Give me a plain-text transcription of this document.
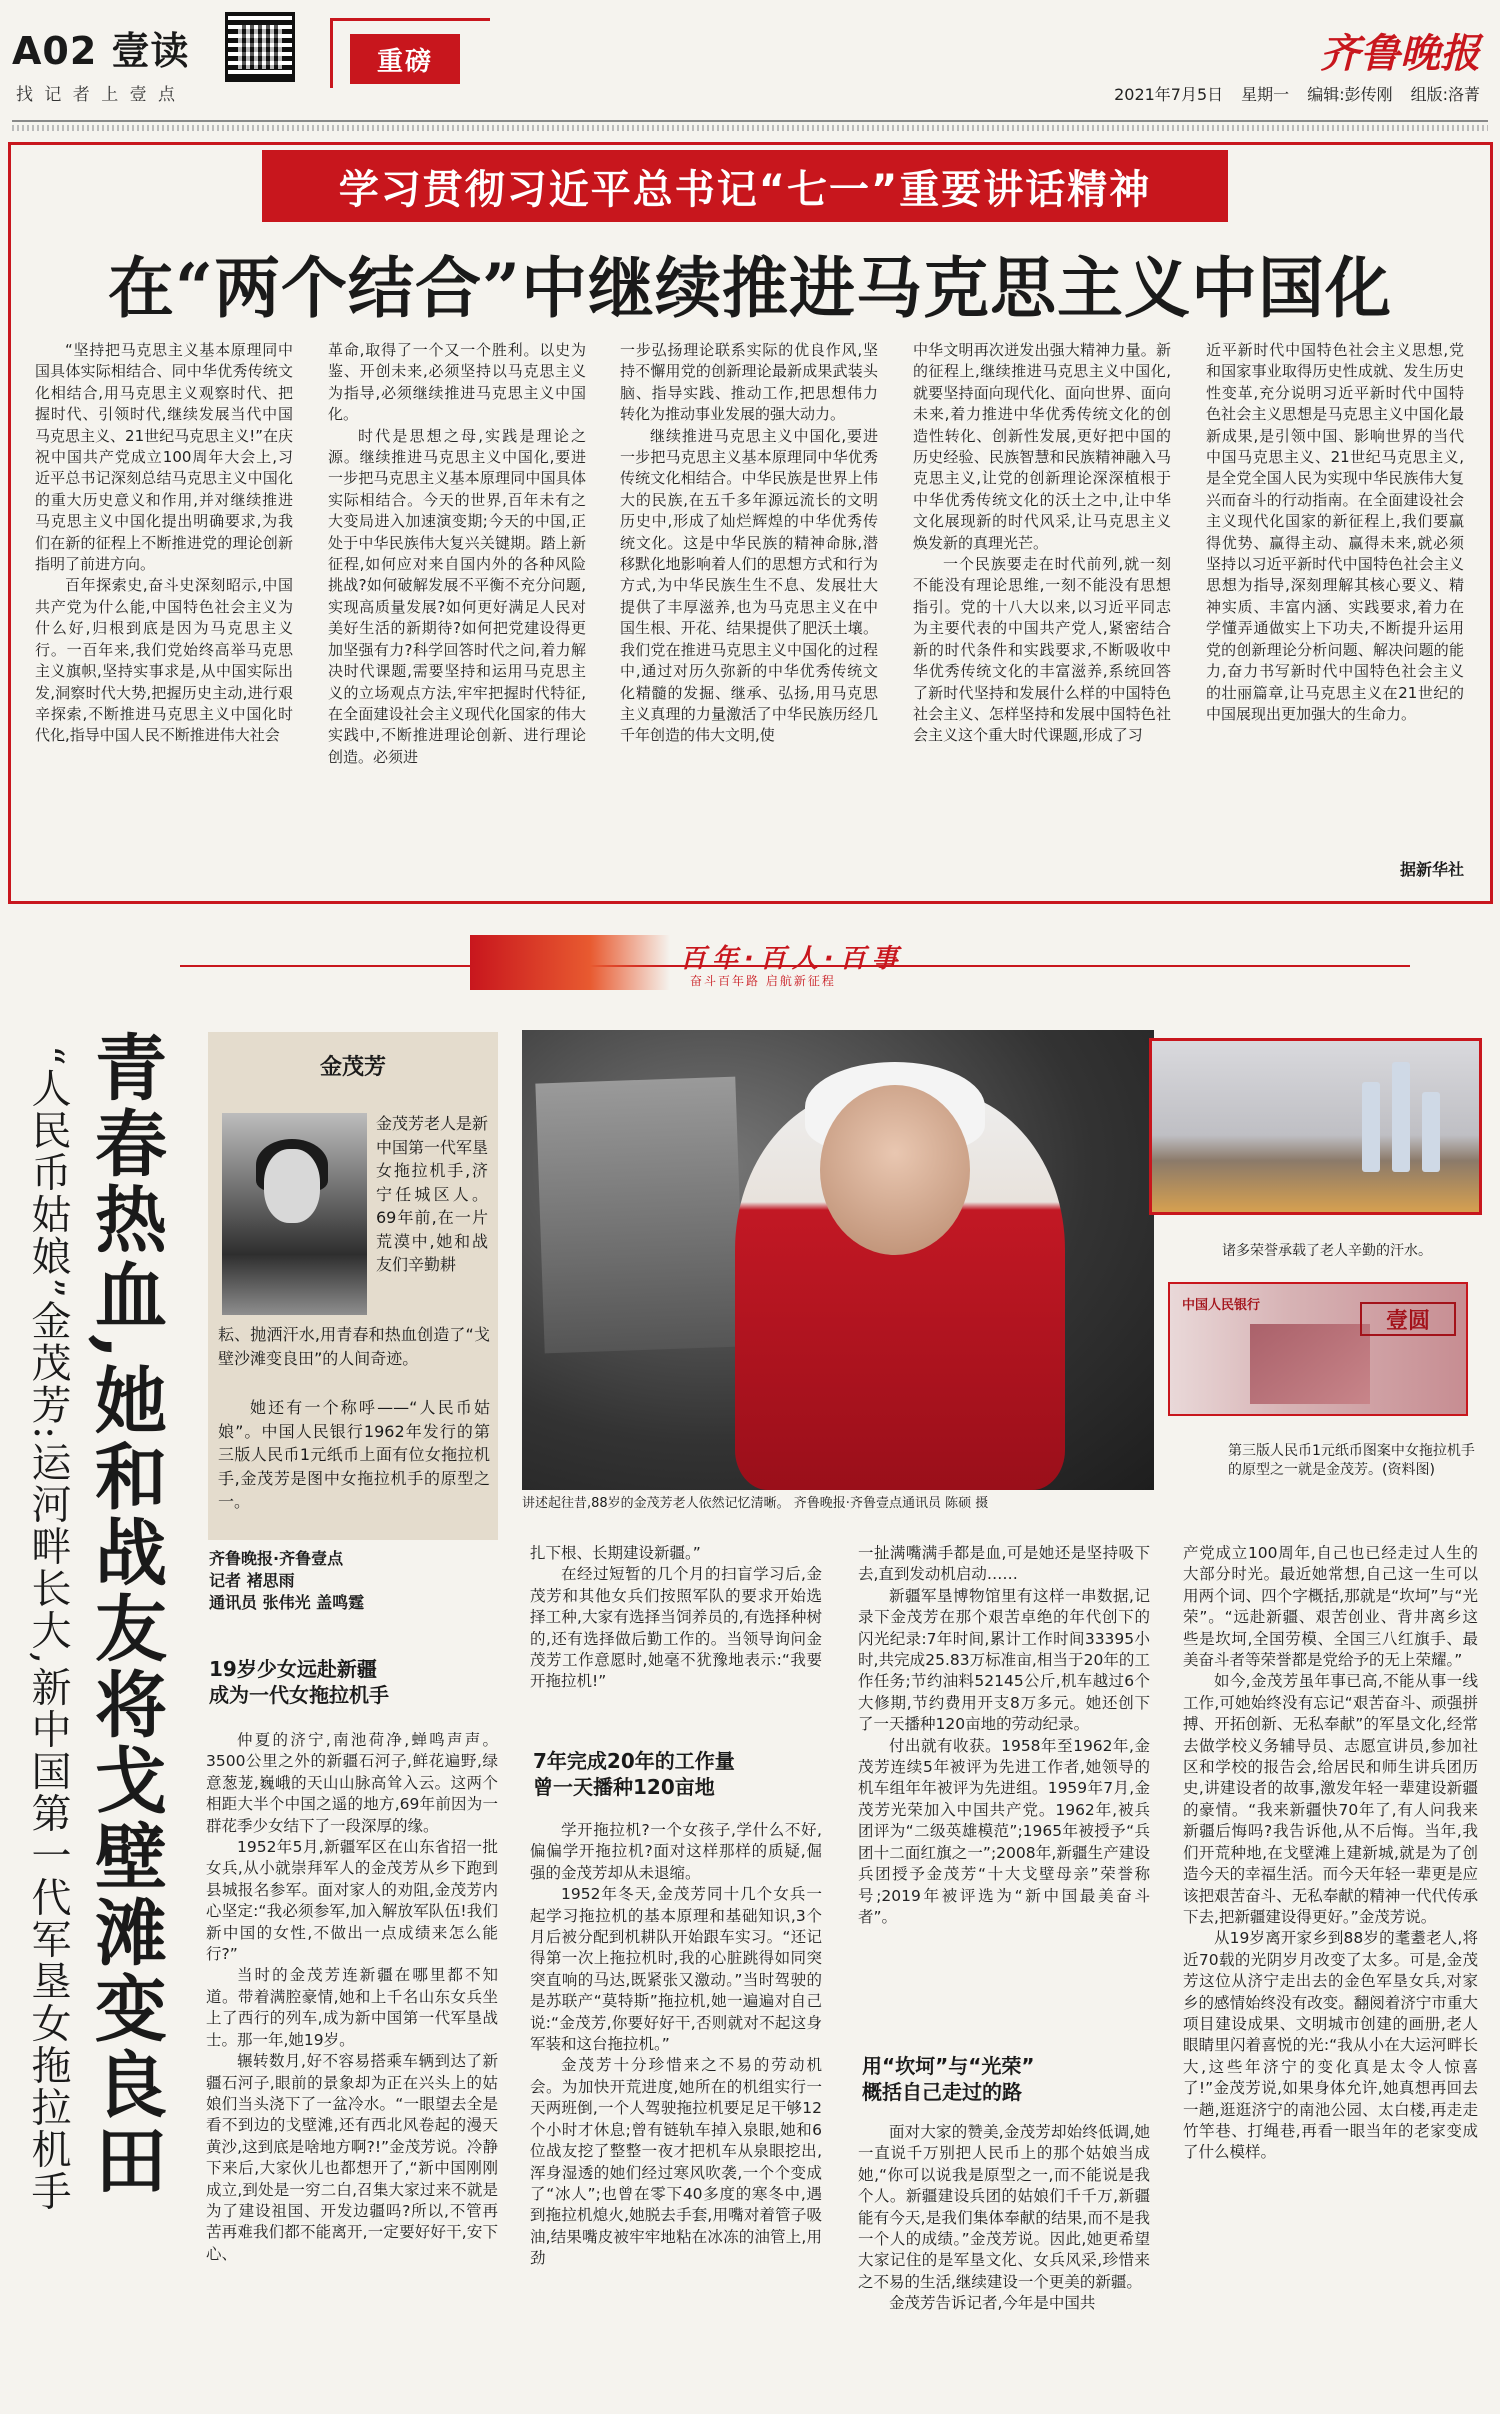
A02 壹读
找 记 者 上 壹 点
重磅	齐鲁晚报
2021年7月5日 星期一 编辑:彭传刚 组版:洛菁
学习贯彻习近平总书记“七一”重要讲话精神
在“两个结合”中继续推进马克思主义中国化

“坚持把马克思主义基本原理同中国具体实际相结合、同中华优秀传统文化相结合,用马克思主义观察时代、把握时代、引领时代,继续发展当代中国马克思主义、21世纪马克思主义!”在庆祝中国共产党成立100周年大会上,习近平总书记深刻总结马克思主义中国化的重大历史意义和作用,并对继续推进马克思主义中国化提出明确要求,为我们在新的征程上不断推进党的理论创新指明了前进方向。

百年探索史,奋斗史深刻昭示,中国共产党为什么能,中国特色社会主义为什么好,归根到底是因为马克思主义行。一百年来,我们党始终高举马克思主义旗帜,坚持实事求是,从中国实际出发,洞察时代大势,把握历史主动,进行艰辛探索,不断推进马克思主义中国化时代化,指导中国人民不断推进伟大社会

革命,取得了一个又一个胜利。以史为鉴、开创未来,必须坚持以马克思主义为指导,必须继续推进马克思主义中国化。

时代是思想之母,实践是理论之源。继续推进马克思主义中国化,要进一步把马克思主义基本原理同中国具体实际相结合。今天的世界,百年未有之大变局进入加速演变期;今天的中国,正处于中华民族伟大复兴关键期。踏上新征程,如何应对来自国内外的各种风险挑战?如何破解发展不平衡不充分问题,实现高质量发展?如何更好满足人民对美好生活的新期待?如何把党建设得更加坚强有力?科学回答时代之问,着力解决时代课题,需要坚持和运用马克思主义的立场观点方法,牢牢把握时代特征,在全面建设社会主义现代化国家的伟大实践中,不断推进理论创新、进行理论创造。必须进

一步弘扬理论联系实际的优良作风,坚持不懈用党的创新理论最新成果武装头脑、指导实践、推动工作,把思想伟力转化为推动事业发展的强大动力。

继续推进马克思主义中国化,要进一步把马克思主义基本原理同中华优秀传统文化相结合。中华民族是世界上伟大的民族,在五千多年源远流长的文明历史中,形成了灿烂辉煌的中华优秀传统文化。这是中华民族的精神命脉,潜移默化地影响着人们的思想方式和行为方式,为中华民族生生不息、发展壮大提供了丰厚滋养,也为马克思主义在中国生根、开花、结果提供了肥沃土壤。我们党在推进马克思主义中国化的过程中,通过对历久弥新的中华优秀传统文化精髓的发掘、继承、弘扬,用马克思主义真理的力量激活了中华民族历经几千年创造的伟大文明,使

中华文明再次迸发出强大精神力量。新的征程上,继续推进马克思主义中国化,就要坚持面向现代化、面向世界、面向未来,着力推进中华优秀传统文化的创造性转化、创新性发展,更好把中国的历史经验、民族智慧和民族精神融入马克思主义,让党的创新理论深深植根于中华优秀传统文化的沃土之中,让中华文化展现新的时代风采,让马克思主义焕发新的真理光芒。

一个民族要走在时代前列,就一刻不能没有理论思维,一刻不能没有思想指引。党的十八大以来,以习近平同志为主要代表的中国共产党人,紧密结合新的时代条件和实践要求,不断吸收中华优秀传统文化的丰富滋养,系统回答了新时代坚持和发展什么样的中国特色社会主义、怎样坚持和发展中国特色社会主义这个重大时代课题,形成了习

近平新时代中国特色社会主义思想,党和国家事业取得历史性成就、发生历史性变革,充分说明习近平新时代中国特色社会主义思想是马克思主义中国化最新成果,是引领中国、影响世界的当代中国马克思主义、21世纪马克思主义,是全党全国人民为实现中华民族伟大复兴而奋斗的行动指南。在全面建设社会主义现代化国家的新征程上,我们要赢得优势、赢得主动、赢得未来,就必须坚持以习近平新时代中国特色社会主义思想为指导,深刻理解其核心要义、精神实质、丰富内涵、实践要求,着力在学懂弄通做实上下功夫,不断提升运用党的创新理论分析问题、解决问题的能力,奋力书写新时代中国特色社会主义的壮丽篇章,让马克思主义在21世纪的中国展现出更加强大的生命力。

据新华社
百年·百人·百事
奋斗百年路 启航新征程
青春热血,她和战友将戈壁滩变良田
“人民币姑娘”金茂芳:运河畔长大,新中国第一代军垦女拖拉机手	金茂芳
金茂芳老人是新中国第一代军垦女拖拉机手,济宁任城区人。69年前,在一片荒漠中,她和战友们辛勤耕
耘、抛洒汗水,用青春和热血创造了“戈壁沙滩变良田”的人间奇迹。
她还有一个称呼——“人民币姑娘”。中国人民银行1962年发行的第三版人民币1元纸币上面有位女拖拉机手,金茂芳是图中女拖拉机手的原型之一。	讲述起往昔,88岁的金茂芳老人依然记忆清晰。 齐鲁晚报·齐鲁壹点通讯员 陈硕 摄
诸多荣誉承载了老人辛勤的汗水。
中国人民银行
壹圆
第三版人民币1元纸币图案中女拖拉机手的原型之一就是金茂芳。(资料图)
齐鲁晚报·齐鲁壹点
记者 褚思雨
通讯员 张伟光 盖鸣霆
19岁少女远赴新疆
成为一代女拖拉机手

仲夏的济宁,南池荷净,蝉鸣声声。3500公里之外的新疆石河子,鲜花遍野,绿意葱茏,巍峨的天山山脉高耸入云。这两个相距大半个中国之遥的地方,69年前因为一群花季少女结下了一段深厚的缘。

1952年5月,新疆军区在山东省招一批女兵,从小就崇拜军人的金茂芳从乡下跑到县城报名参军。面对家人的劝阻,金茂芳内心坚定:“我必须参军,加入解放军队伍!我们新中国的女性,不做出一点成绩来怎么能行?”

当时的金茂芳连新疆在哪里都不知道。带着满腔豪情,她和上千名山东女兵坐上了西行的列车,成为新中国第一代军垦战士。那一年,她19岁。

辗转数月,好不容易搭乘车辆到达了新疆石河子,眼前的景象却为正在兴头上的姑娘们当头浇下了一盆冷水。“一眼望去全是看不到边的戈壁滩,还有西北风卷起的漫天黄沙,这到底是啥地方啊?!”金茂芳说。冷静下来后,大家伙儿也都想开了,“新中国刚刚成立,到处是一穷二白,召集大家过来不就是为了建设祖国、开发边疆吗?所以,不管再苦再难我们都不能离开,一定要好好干,安下心、

扎下根、长期建设新疆。”

在经过短暂的几个月的扫盲学习后,金茂芳和其他女兵们按照军队的要求开始选择工种,大家有选择当饲养员的,有选择种树的,还有选择做后勤工作的。当领导询问金茂芳工作意愿时,她毫不犹豫地表示:“我要开拖拉机!”

7年完成20年的工作量
曾一天播种120亩地

学开拖拉机?一个女孩子,学什么不好,偏偏学开拖拉机?面对这样那样的质疑,倔强的金茂芳却从未退缩。

1952年冬天,金茂芳同十几个女兵一起学习拖拉机的基本原理和基础知识,3个月后被分配到机耕队开始跟车实习。“还记得第一次上拖拉机时,我的心脏跳得如同突突直响的马达,既紧张又激动。”当时驾驶的是苏联产“莫特斯”拖拉机,她一遍遍对自己说:“金茂芳,你要好好干,否则就对不起这身军装和这台拖拉机。”

金茂芳十分珍惜来之不易的劳动机会。为加快开荒进度,她所在的机组实行一天两班倒,一个人驾驶拖拉机要足足干够12个小时才休息;曾有链轨车掉入泉眼,她和6位战友挖了整整一夜才把机车从泉眼挖出,浑身湿透的她们经过寒风吹袭,一个个变成了“冰人”;也曾在零下40多度的寒冬中,遇到拖拉机熄火,她脱去手套,用嘴对着管子吸油,结果嘴皮被牢牢地粘在冰冻的油管上,用劲

一扯满嘴满手都是血,可是她还是坚持吸下去,直到发动机启动……

新疆军垦博物馆里有这样一串数据,记录下金茂芳在那个艰苦卓绝的年代创下的闪光纪录:7年时间,累计工作时间33395小时,共完成25.83万标准亩,相当于20年的工作任务;节约油料52145公斤,机车越过6个大修期,节约费用开支8万多元。她还创下了一天播种120亩地的劳动纪录。

付出就有收获。1958年至1962年,金茂芳连续5年被评为先进工作者,她领导的机车组年年被评为先进组。1959年7月,金茂芳光荣加入中国共产党。1962年,被兵团评为“二级英雄模范”;1965年被授予“兵团十二面红旗之一”;2008年,新疆生产建设兵团授予金茂芳“十大戈壁母亲”荣誉称号;2019年被评选为“新中国最美奋斗者”。

用“坎坷”与“光荣”
概括自己走过的路

面对大家的赞美,金茂芳却始终低调,她一直说千万别把人民币上的那个姑娘当成她,“你可以说我是原型之一,而不能说是我个人。新疆建设兵团的姑娘们千千万,新疆能有今天,是我们集体奉献的结果,而不是我一个人的成绩。”金茂芳说。因此,她更希望大家记住的是军垦文化、女兵风采,珍惜来之不易的生活,继续建设一个更美的新疆。

金茂芳告诉记者,今年是中国共

产党成立100周年,自己也已经走过人生的大部分时光。最近她常想,自己这一生可以用两个词、四个字概括,那就是“坎坷”与“光荣”。“远赴新疆、艰苦创业、背井离乡这些是坎坷,全国劳模、全国三八红旗手、最美奋斗者等荣誉都是党给予的无上荣耀。”

如今,金茂芳虽年事已高,不能从事一线工作,可她始终没有忘记“艰苦奋斗、顽强拼搏、开拓创新、无私奉献”的军垦文化,经常去做学校义务辅导员、志愿宣讲员,参加社区和学校的报告会,给居民和师生讲兵团历史,讲建设者的故事,激发年轻一辈建设新疆的豪情。“我来新疆快70年了,有人问我来新疆后悔吗?我告诉他,从不后悔。当年,我们开荒种地,在戈壁滩上建新城,就是为了创造今天的幸福生活。而今天年轻一辈更是应该把艰苦奋斗、无私奉献的精神一代代传承下去,把新疆建设得更好。”金茂芳说。

从19岁离开家乡到88岁的耄耋老人,将近70载的光阴岁月改变了太多。可是,金茂芳这位从济宁走出去的金色军垦女兵,对家乡的感情始终没有改变。翻阅着济宁市重大项目建设成果、文明城市创建的画册,老人眼睛里闪着喜悦的光:“我从小在大运河畔长大,这些年济宁的变化真是太令人惊喜了!”金茂芳说,如果身体允许,她真想再回去一趟,逛逛济宁的南池公园、太白楼,再走走竹竿巷、打绳巷,再看一眼当年的老家变成了什么模样。
